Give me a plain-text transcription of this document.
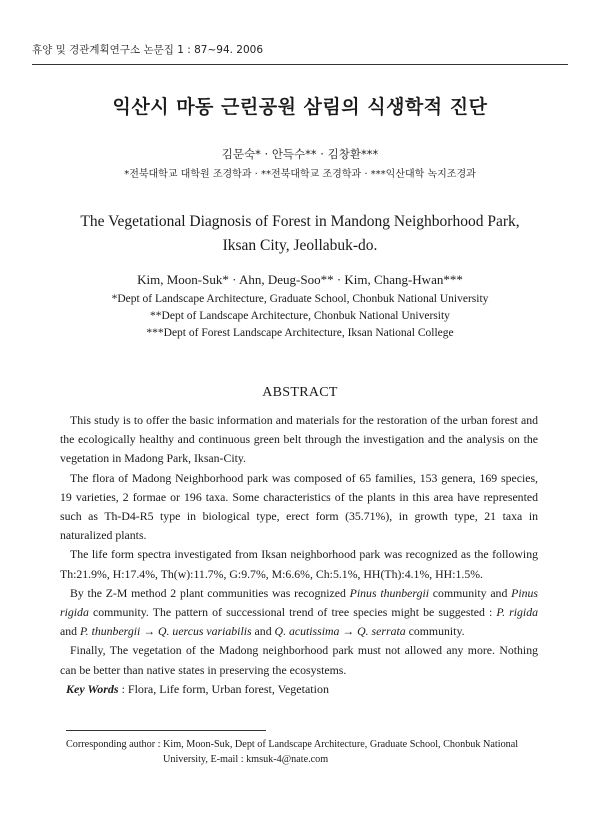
휴양 및 경관계획연구소 논문집 1 : 87~94. 2006
익산시 마동 근린공원 삼림의 식생학적 진단
김문숙* · 안득수** · 김창환***
*전북대학교 대학원 조경학과 · **전북대학교 조경학과 · ***익산대학 녹지조경과
The Vegetational Diagnosis of Forest in Mandong Neighborhood Park,
Iksan City, Jeollabuk-do.
Kim, Moon-Suk* · Ahn, Deug-Soo** · Kim, Chang-Hwan***
*Dept of Landscape Architecture, Graduate School, Chonbuk National University
**Dept of Landscape Architecture, Chonbuk National University
***Dept of Forest Landscape Architecture, Iksan National College
ABSTRACT

This study is to offer the basic information and materials for the restoration of the urban forest and the ecologically healthy and continuous green belt through the investigation and the analysis on the vegetation in Madong Park, Iksan-City.

The flora of Madong Neighborhood park was composed of 65 families, 153 genera, 169 species, 19 varieties, 2 formae or 196 taxa. Some characteristics of the plants in this area have represented such as Th-D4-R5 type in biological type, erect form (35.71%), in growth type, 21 taxa in naturalized plants.

The life form spectra investigated from Iksan neighborhood park was recognized as the following Th:21.9%, H:17.4%, Th(w):11.7%, G:9.7%, M:6.6%, Ch:5.1%, HH(Th):4.1%, HH:1.5%.

By the Z-M method 2 plant communities was recognized Pinus thunbergii community and Pinus rigida community. The pattern of successional trend of tree species might be suggested : P. rigida and P. thunbergii → Q. uercus variabilis and Q. acutissima → Q. serrata community.

Finally, The vegetation of the Madong neighborhood park must not allowed any more. Nothing can be better than native states in preserving the ecosystems.

Key Words : Flora, Life form, Urban forest, Vegetation
Corresponding author : Kim, Moon-Suk, Dept of Landscape Architecture, Graduate School, Chonbuk National
University, E-mail : kmsuk-4@nate.com
